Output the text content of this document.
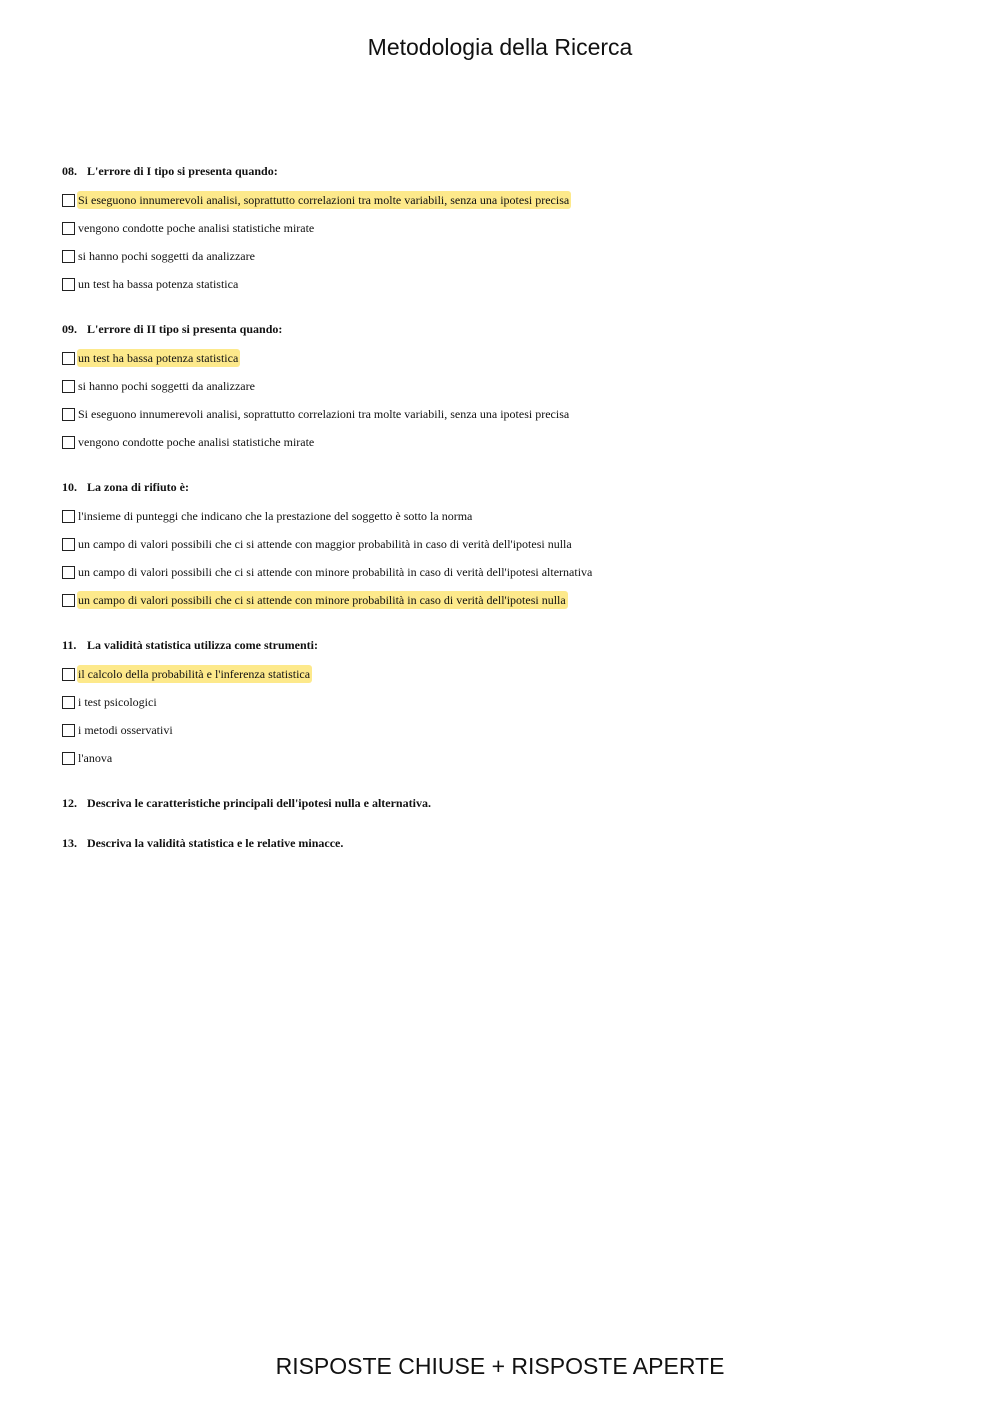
Metodologia della Ricerca
08. L'errore di I tipo si presenta quando:
Si eseguono innumerevoli analisi, soprattutto correlazioni tra molte variabili, senza una ipotesi precisa
vengono condotte poche analisi statistiche mirate
si hanno pochi soggetti da analizzare
un test ha bassa potenza statistica
09. L'errore di II tipo si presenta quando:
un test ha bassa potenza statistica
si hanno pochi soggetti da analizzare
Si eseguono innumerevoli analisi, soprattutto correlazioni tra molte variabili, senza una ipotesi precisa
vengono condotte poche analisi statistiche mirate
10. La zona di rifiuto è:
l'insieme di punteggi che indicano che la prestazione del soggetto è sotto la norma
un campo di valori possibili che ci si attende con maggior probabilità in caso di verità dell'ipotesi nulla
un campo di valori possibili che ci si attende con minore probabilità in caso di verità dell'ipotesi alternativa
un campo di valori possibili che ci si attende con minore probabilità in caso di verità dell'ipotesi nulla
11. La validità statistica utilizza come strumenti:
il calcolo della probabilità e l'inferenza statistica
i test psicologici
i metodi osservativi
l'anova
12. Descriva le caratteristiche principali dell'ipotesi nulla e alternativa.
13. Descriva la validità statistica e le relative minacce.
RISPOSTE CHIUSE + RISPOSTE APERTE
